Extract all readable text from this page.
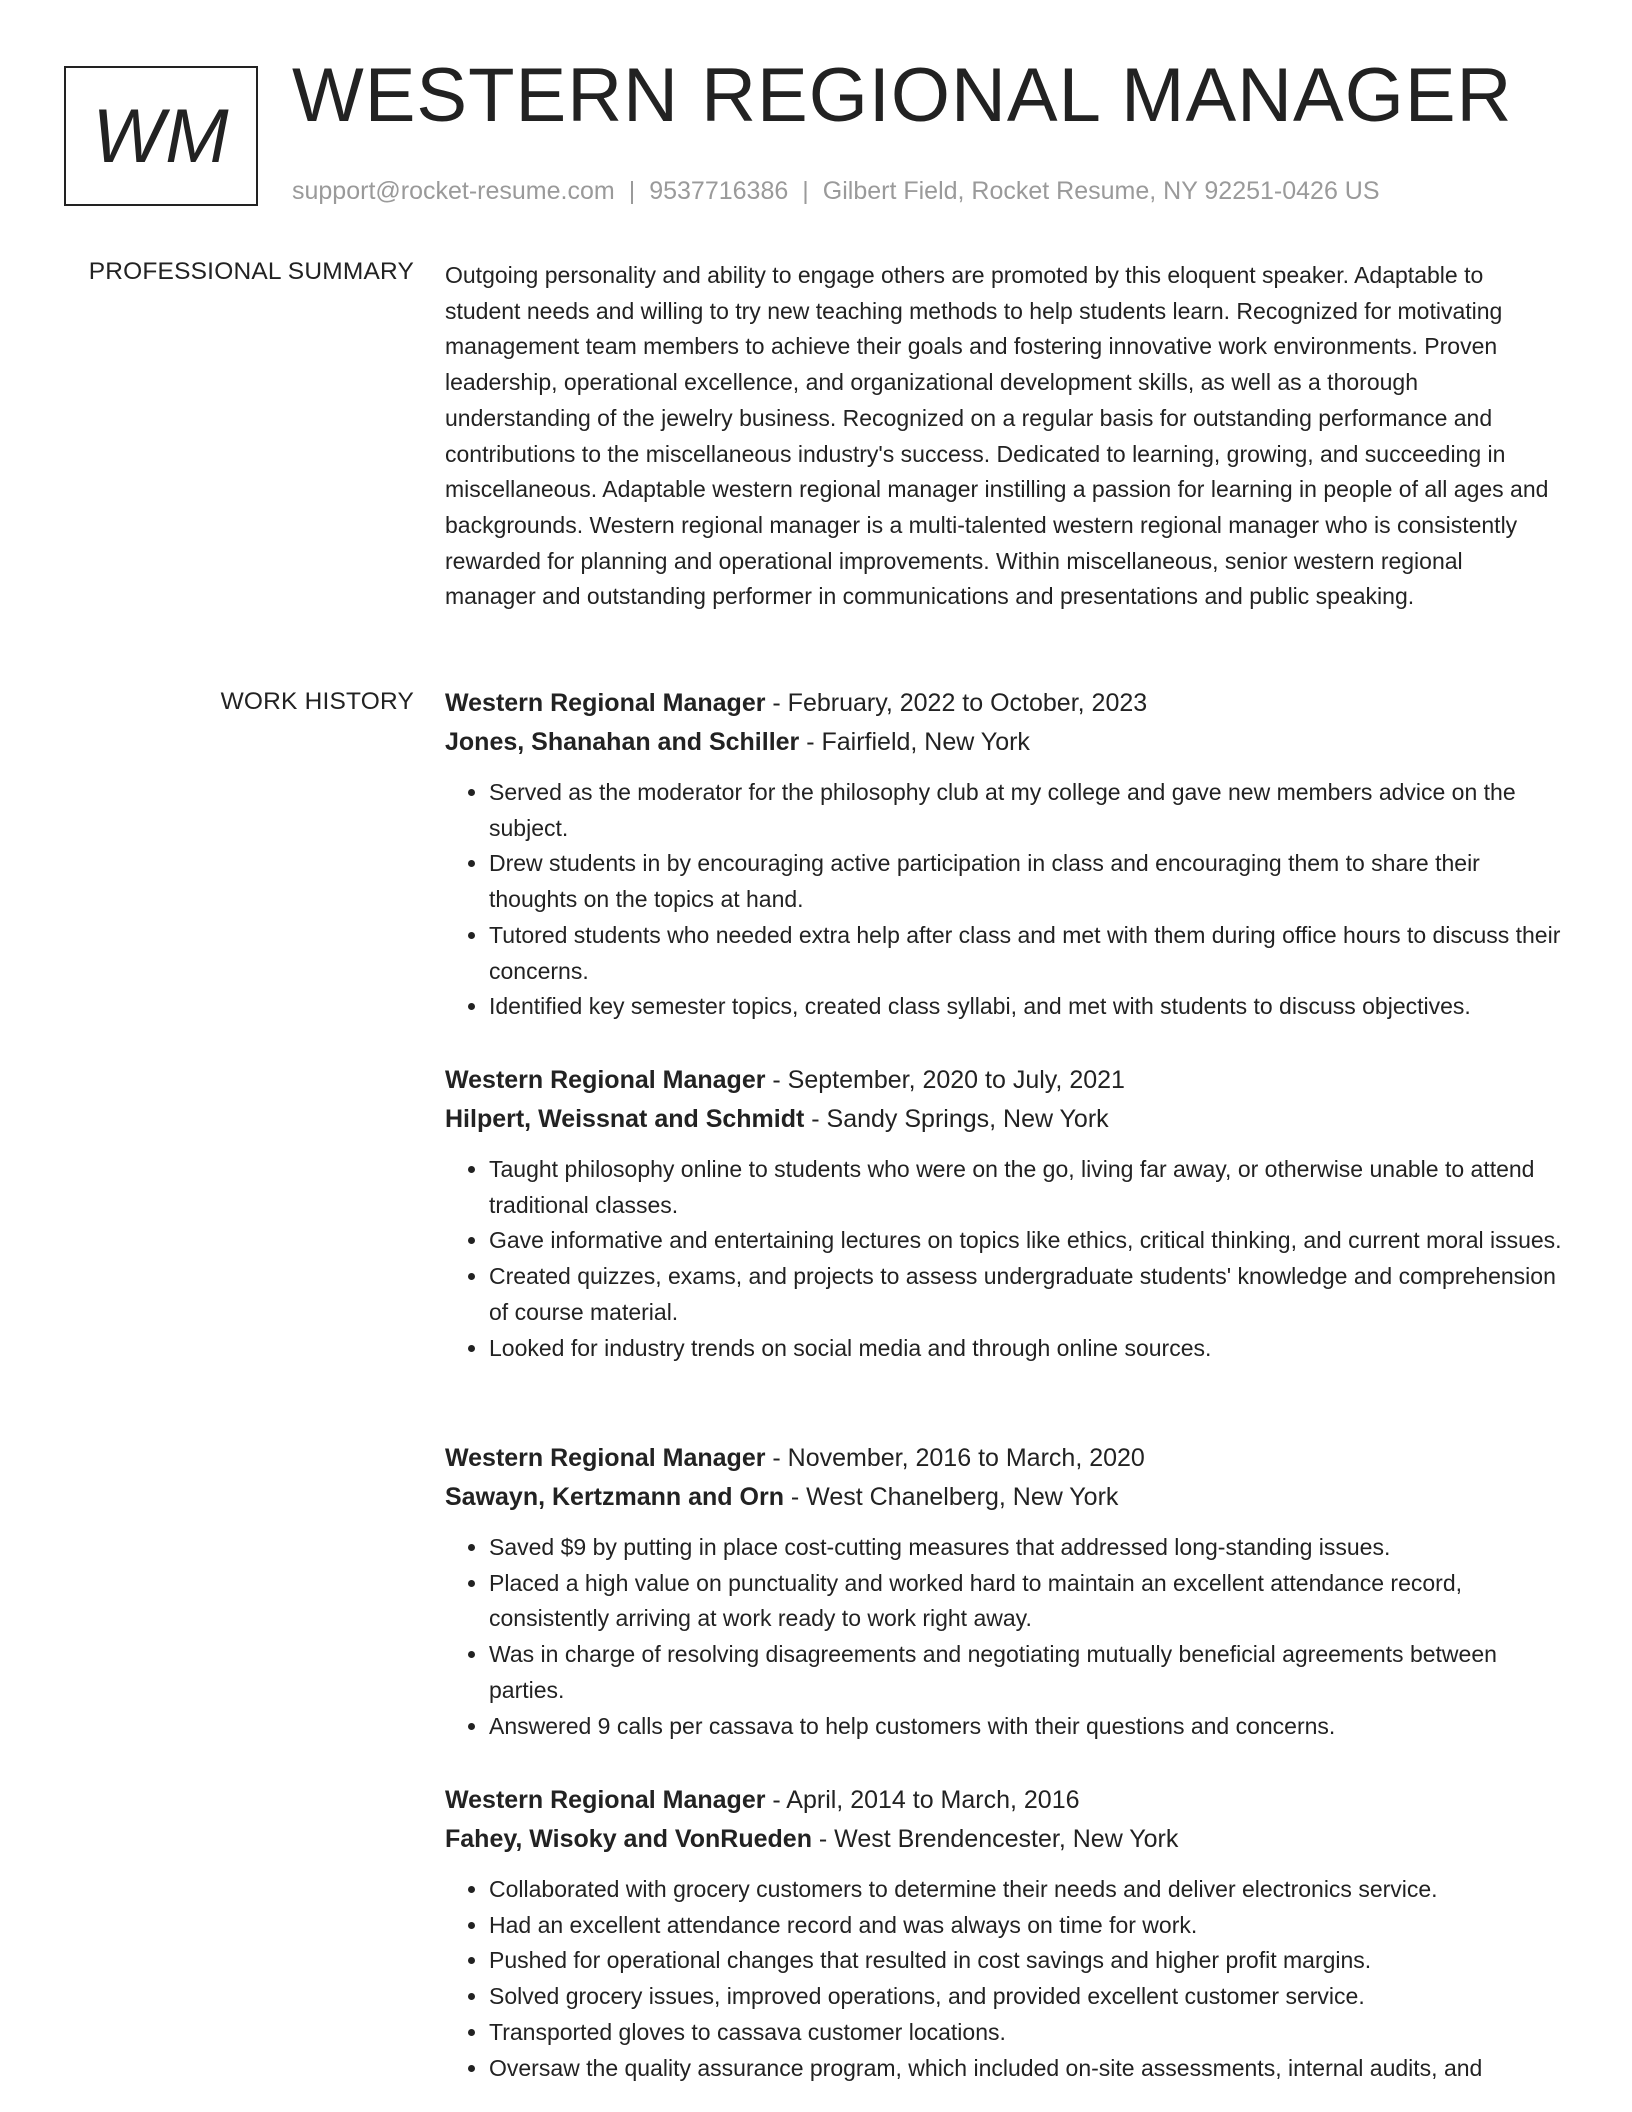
WM WESTERN REGIONAL MANAGER
support@rocket-resume.com | 9537716386 | Gilbert Field, Rocket Resume, NY 92251-0426 US
PROFESSIONAL SUMMARY Outgoing personality and ability to engage others are promoted by this eloquent speaker. Adaptable to student needs and willing to try new teaching methods to help students learn. Recognized for motivating management team members to achieve their goals and fostering innovative work environments. Proven leadership, operational excellence, and organizational development skills, as well as a thorough understanding of the jewelry business. Recognized on a regular basis for outstanding performance and contributions to the miscellaneous industry's success. Dedicated to learning, growing, and succeeding in miscellaneous. Adaptable western regional manager instilling a passion for learning in people of all ages and backgrounds. Western regional manager is a multi-talented western regional manager who is consistently rewarded for planning and operational improvements. Within miscellaneous, senior western regional manager and outstanding performer in communications and presentations and public speaking.

WORK HISTORY Western Regional Manager - February, 2022 to October, 2023
Jones, Shanahan and Schiller - Fairfield, New York
• Served as the moderator for the philosophy club at my college and gave new members advice on the subject.
• Drew students in by encouraging active participation in class and encouraging them to share their thoughts on the topics at hand.
• Tutored students who needed extra help after class and met with them during office hours to discuss their concerns.
• Identified key semester topics, created class syllabi, and met with students to discuss objectives.
Western Regional Manager - September, 2020 to July, 2021
Hilpert, Weissnat and Schmidt - Sandy Springs, New York
• Taught philosophy online to students who were on the go, living far away, or otherwise unable to attend traditional classes.
• Gave informative and entertaining lectures on topics like ethics, critical thinking, and current moral issues.
• Created quizzes, exams, and projects to assess undergraduate students' knowledge and comprehension of course material.
• Looked for industry trends on social media and through online sources.
Western Regional Manager - November, 2016 to March, 2020
Sawayn, Kertzmann and Orn - West Chanelberg, New York
• Saved $9 by putting in place cost-cutting measures that addressed long-standing issues.
• Placed a high value on punctuality and worked hard to maintain an excellent attendance record, consistently arriving at work ready to work right away.
• Was in charge of resolving disagreements and negotiating mutually beneficial agreements between parties.
• Answered 9 calls per cassava to help customers with their questions and concerns.
Western Regional Manager - April, 2014 to March, 2016
Fahey, Wisoky and VonRueden - West Brendencester, New York
• Collaborated with grocery customers to determine their needs and deliver electronics service.
• Had an excellent attendance record and was always on time for work.
• Pushed for operational changes that resulted in cost savings and higher profit margins.
• Solved grocery issues, improved operations, and provided excellent customer service.
• Transported gloves to cassava customer locations.
• Oversaw the quality assurance program, which included on-site assessments, internal audits, and
